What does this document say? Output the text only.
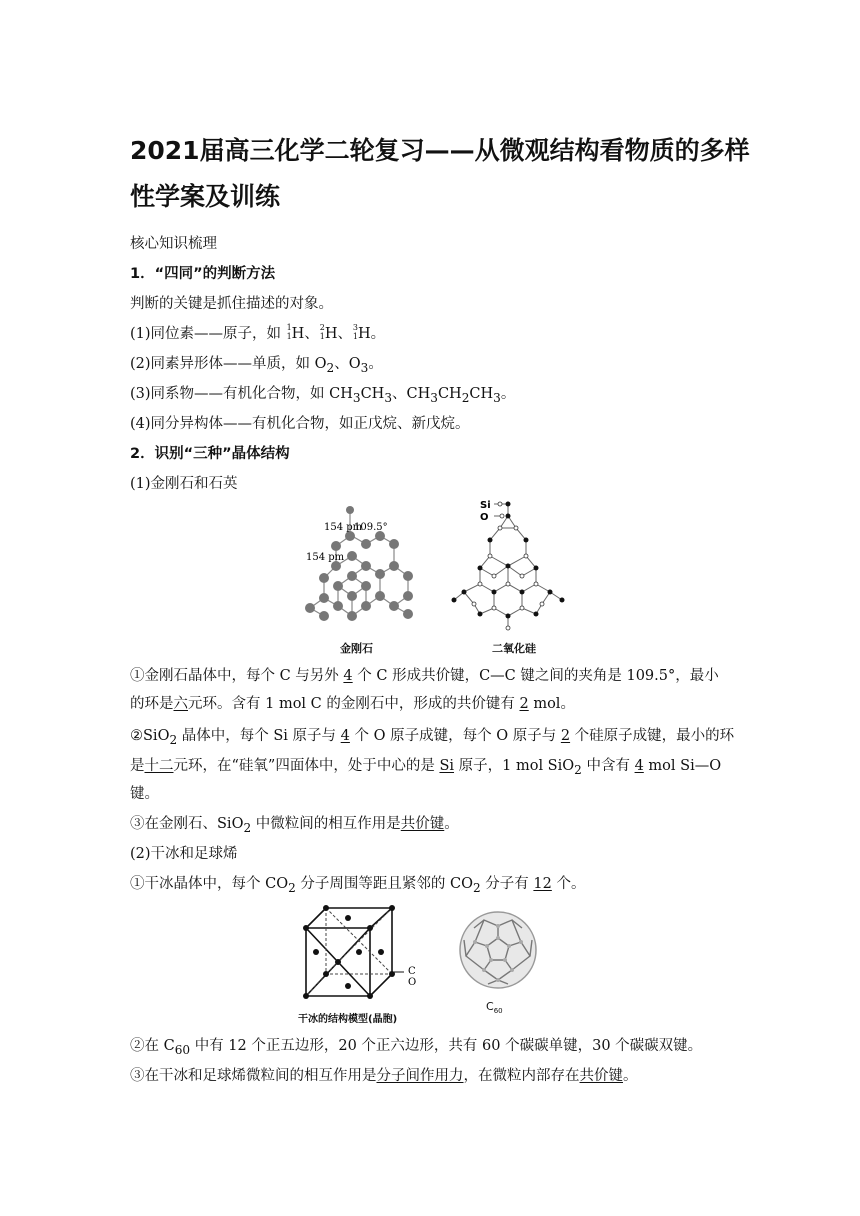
2021届高三化学二轮复习——从微观结构看物质的多样性学案及训练
核心知识梳理
1．“四同”的判断方法
判断的关键是抓住描述的对象。
(1)同位素——原子，如 1
1 H、 2
1 H、 3
1 H。
(2)同素异形体——单质，如 $O_2$、$O_3$。
(3)同系物——有机化合物，如 $CH_3CH_3$、$CH_3CH_2CH_3$。
(4)同分异构体——有机化合物，如正戊烷、新戊烷。
2．识别“三种”晶体结构
(1)金刚石和石英
154 pm
109.5°
154 pm
Si
O
金刚石	二氧化硅
①金刚石晶体中，每个 C 与另外 4 个 C 形成共价键，C—C 键之间的夹角是 109.5°，最小
的环是六元环。含有 1 mol C 的金刚石中，形成的共价键有 2 mol。
②SiO$_2$ 晶体中，每个 Si 原子与 4 个 O 原子成键，每个 O 原子与 2 个硅原子成键，最小的环
是十二元环，在“硅氧”四面体中，处于中心的是 Si 原子，1 mol SiO$_2$ 中含有 4 mol Si—O
键。
③在金刚石、SiO$_2$ 中微粒间的相互作用是共价键。
(2)干冰和足球烯
①干冰晶体中，每个 $CO_2$ 分子周围等距且紧邻的 $CO_2$ 分子有 12 个。
C
O
干冰的结构模型(晶胞)
$C_{60}$
②在 $C_{60}$ 中有 12 个正五边形，20 个正六边形，共有 60 个碳碳单键，30 个碳碳双键。
③在干冰和足球烯微粒间的相互作用是分子间作用力，在微粒内部存在共价键。
